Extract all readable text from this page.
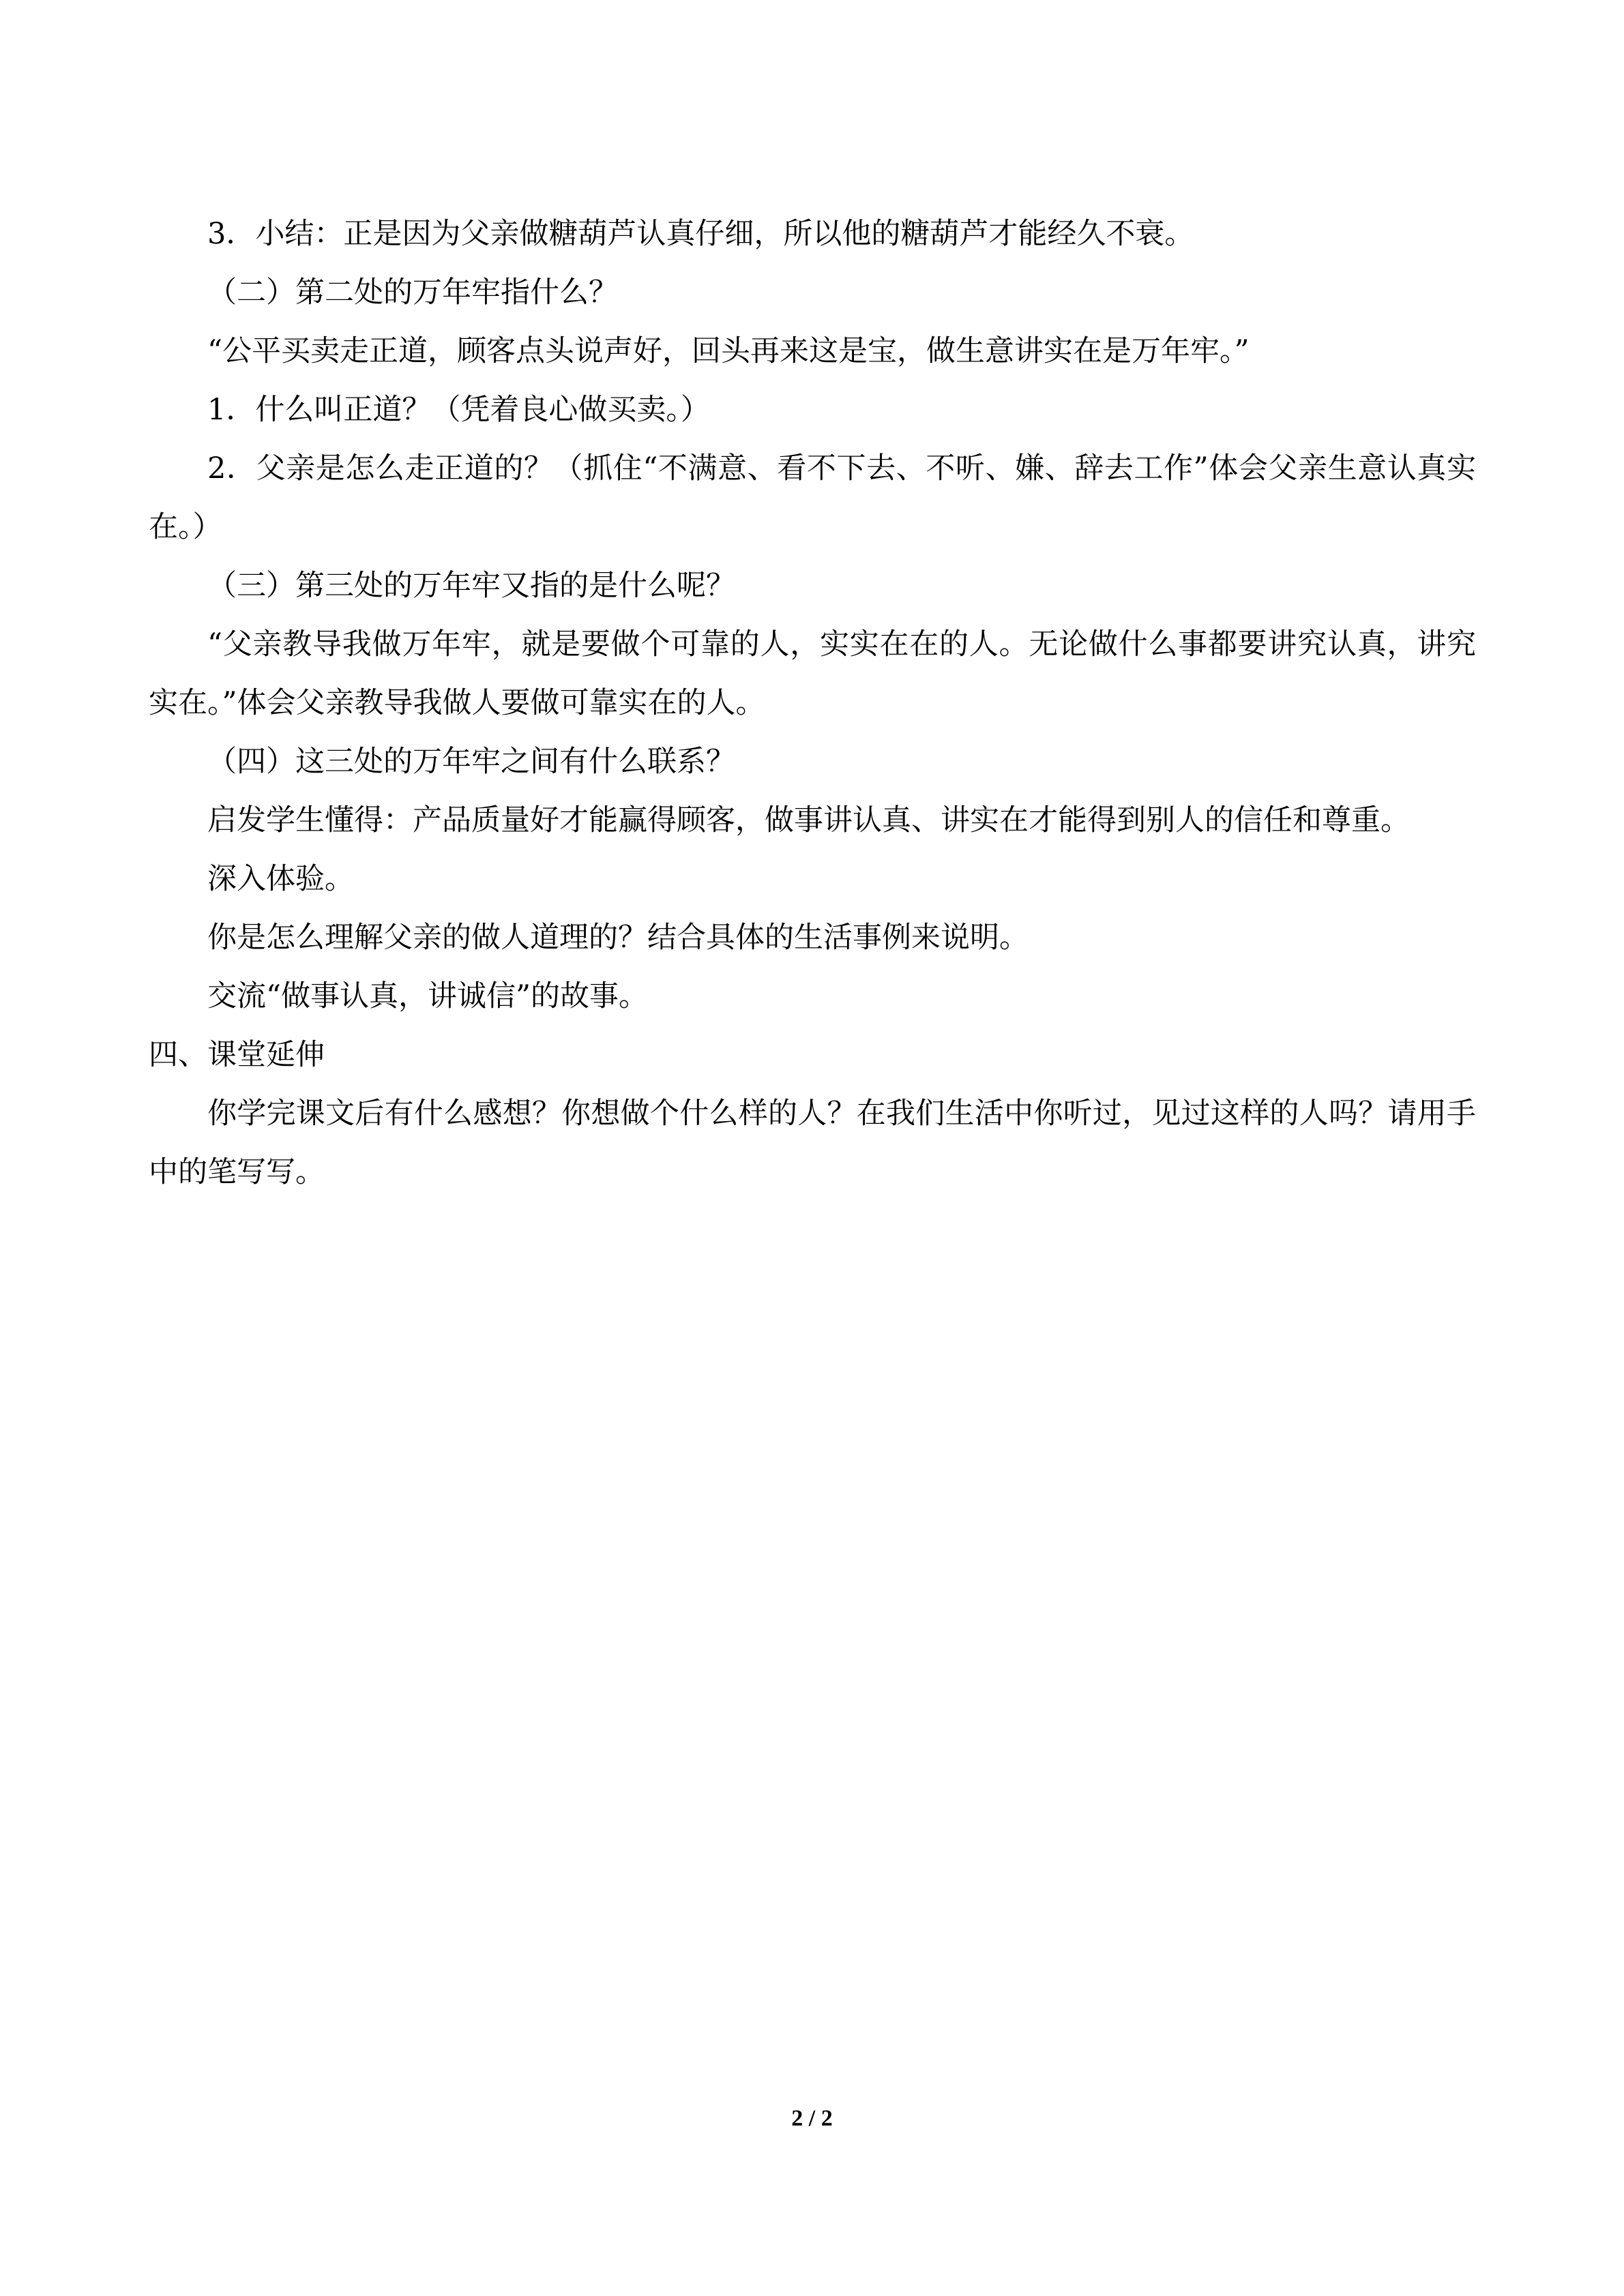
3．小结：正是因为父亲做糖葫芦认真仔细，所以他的糖葫芦才能经久不衰。

（二）第二处的万年牢指什么？

“公平买卖走正道，顾客点头说声好，回头再来这是宝，做生意讲实在是万年牢。”

1．什么叫正道？（凭着良心做买卖。）

2．父亲是怎么走正道的？（抓住“不满意、看不下去、不听、嫌、辞去工作”体会父亲生意认真实在。）

（三）第三处的万年牢又指的是什么呢？

“父亲教导我做万年牢，就是要做个可靠的人，实实在在的人。无论做什么事都要讲究认真，讲究实在。”体会父亲教导我做人要做可靠实在的人。

（四）这三处的万年牢之间有什么联系？

启发学生懂得：产品质量好才能赢得顾客，做事讲认真、讲实在才能得到别人的信任和尊重。

深入体验。

你是怎么理解父亲的做人道理的？结合具体的生活事例来说明。

交流“做事认真，讲诚信”的故事。

四、课堂延伸

你学完课文后有什么感想？你想做个什么样的人？在我们生活中你听过，见过这样的人吗？请用手中的笔写写。

2 / 2
